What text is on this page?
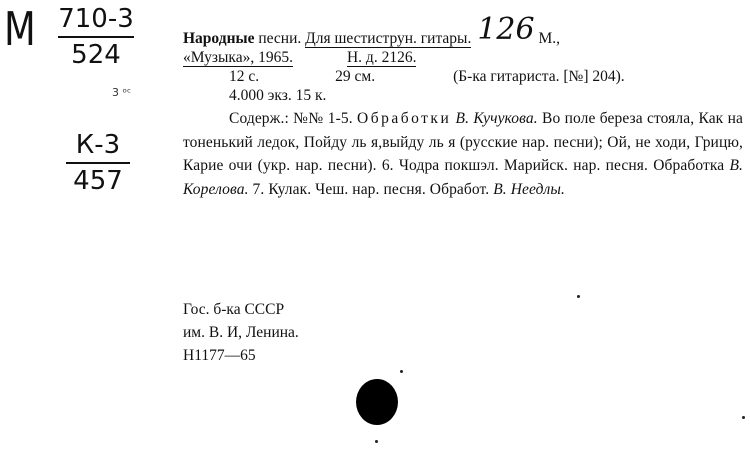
М 710-3
524
3 ᵒᶜ
К-3
457
Народные песни. Для шестиструн. гитары. 126 М.,
«Музыка», 1965.	Н. д. 2126.
12 с.	29 см.	(Б-ка гитариста. [№] 204).
4.000 экз. 15 к.
Содерж.: №№ 1-5. Обработки В. Кучукова. Во поле береза стояла, Как на тоненький ледок, Пойду ль я,выйду ль я (русские нар. песни); Ой, не ходи, Грицю, Карие очи (укр. нар. песни). 6. Чодра покшэл. Марийск. нар. песня. Обработка В. Корелова. 7. Кулак. Чеш. нар. песня. Обработ. В. Неедлы.
Гос. б-ка СССР
им. В. И, Ленина.
Н1177—65
